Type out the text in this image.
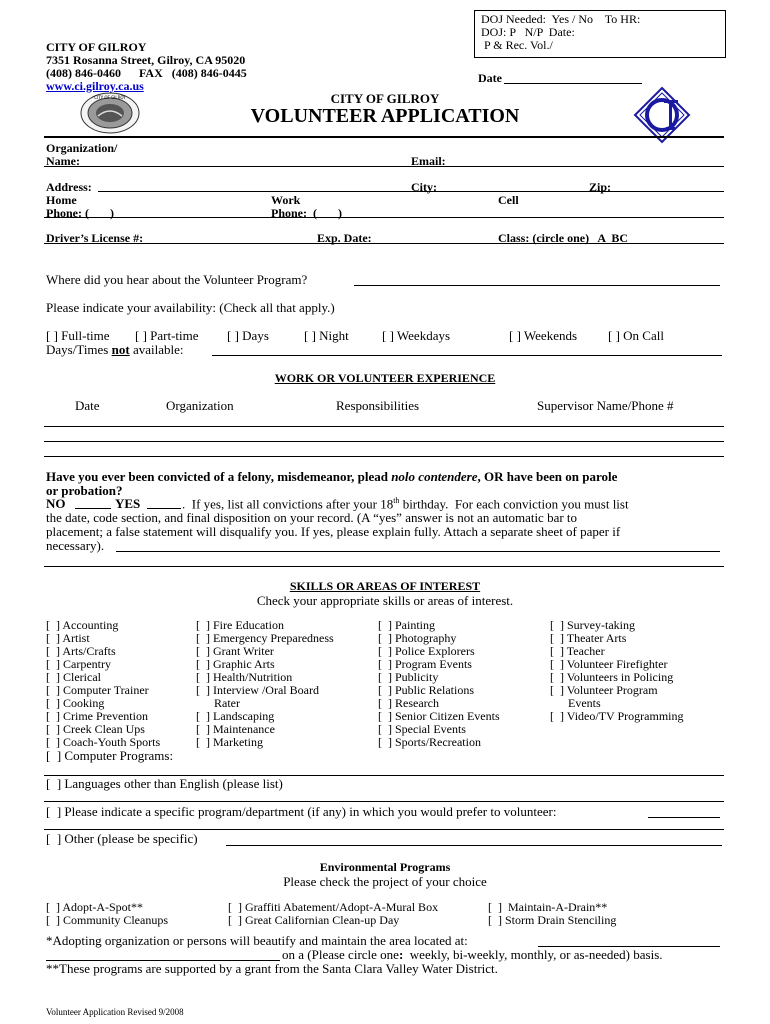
DOJ Needed:  Yes / No    To HR:
DOJ: P   N/P  Date:
P & Rec. Vol./
CITY OF GILROY
7351 Rosanna Street, Gilroy, CA 95020
(408) 846-0460      FAX   (408) 846-0445
www.ci.gilroy.ca.us
Date
CITY OF GILROY	CITY OF GILROY
VOLUNTEER APPLICATION
Organization/
Name:	Email:
Address:	City:	Zip:
Home
Phone: (       )
Work
Phone:  (       )
Cell
Driver’s License #:	Exp. Date:	Class: (circle one)   A  BC
Where did you hear about the Volunteer Program?
Please indicate your availability: (Check all that apply.)
[ ] Full-time [ ] Part-time [ ] Days	[ ] Night	[ ] Weekdays	[ ] Weekends [ ] On Call
Days/Times not available:
WORK OR VOLUNTEER EXPERIENCE
Date	Organization	Responsibilities	Supervisor Name/Phone #
Have you ever been convicted of a felony, misdemeanor, plead nolo contendere, OR have been on parole
or probation?
NO	YES	.  If yes, list all convictions after your 18th birthday.  For each conviction you must list
the date, code section, and final disposition on your record. (A “yes” answer is not an automatic bar to
placement; a false statement will disqualify you. If yes, please explain fully. Attach a separate sheet of paper if
necessary).
SKILLS OR AREAS OF INTEREST
Check your appropriate skills or areas of interest.
[  ] Accounting
[  ] Artist
[  ] Arts/Crafts
[  ] Carpentry
[  ] Clerical
[  ] Computer Trainer
[  ] Cooking
[  ] Crime Prevention
[  ] Creek Clean Ups
[  ] Coach-Youth Sports
[  ] Fire Education
[  ] Emergency Preparedness
[  ] Grant Writer
[  ] Graphic Arts
[  ] Health/Nutrition
[  ] Interview /Oral Board
Rater
[  ] Landscaping
[  ] Maintenance
[  ] Marketing
[  ] Painting
[  ] Photography
[  ] Police Explorers
[  ] Program Events
[  ] Publicity
[  ] Public Relations
[  ] Research
[  ] Senior Citizen Events
[  ] Special Events
[  ] Sports/Recreation
[  ] Survey-taking
[  ] Theater Arts
[  ] Teacher
[  ] Volunteer Firefighter
[  ] Volunteers in Policing
[  ] Volunteer Program
Events
[  ] Video/TV Programming
[  ] Computer Programs:
[  ] Languages other than English (please list)
[  ] Please indicate a specific program/department (if any) in which you would prefer to volunteer:
[  ] Other (please be specific)
Environmental Programs
Please check the project of your choice
[  ] Adopt-A-Spot**	[  ] Graffiti Abatement/Adopt-A-Mural Box	[  ]  Maintain-A-Drain**
[  ] Community Cleanups	[  ] Great Californian Clean-up Day	[  ] Storm Drain Stenciling
*Adopting organization or persons will beautify and maintain the area located at:
on a (Please circle one:  weekly, bi-weekly, monthly, or as-needed) basis.
**These programs are supported by a grant from the Santa Clara Valley Water District.
Volunteer Application Revised 9/2008
